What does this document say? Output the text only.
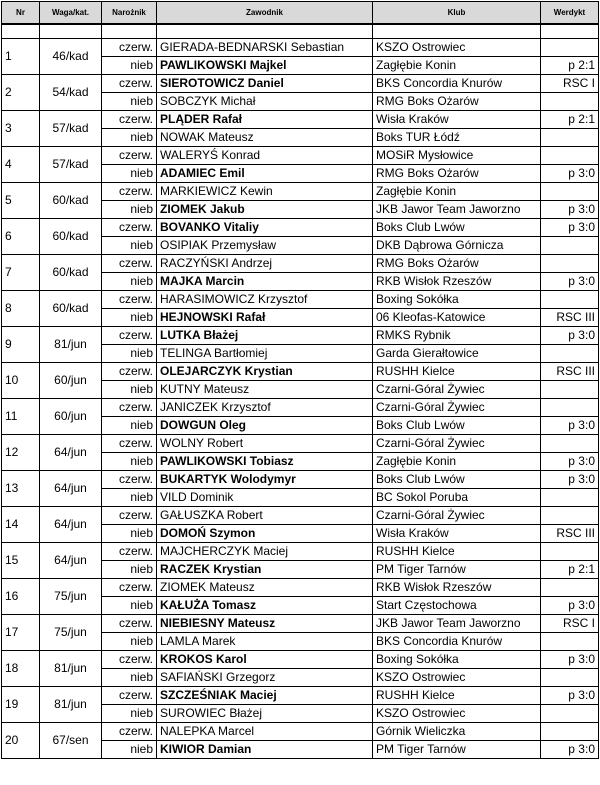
Nr	Waga/kat.	Narożnik	Zawodnik	Klub	Werdykt

1	46/kad	czerw.	GIERADA-BEDNARSKI Sebastian	KSZO Ostrowiec	
		nieb	PAWLIKOWSKI Majkel	Zagłębie Konin	p 2:1
2	54/kad	czerw.	SIEROTOWICZ Daniel	BKS Concordia Knurów	RSC I
		nieb	SOBCZYK Michał	RMG Boks Ożarów	
3	57/kad	czerw.	PLĄDER Rafał	Wisła Kraków	p 2:1
		nieb	NOWAK Mateusz	Boks TUR Łódź	
4	57/kad	czerw.	WALERYŚ Konrad	MOSiR Mysłowice	
		nieb	ADAMIEC Emil	RMG Boks Ożarów	p 3:0
5	60/kad	czerw.	MARKIEWICZ Kewin	Zagłębie Konin	
		nieb	ZIOMEK Jakub	JKB Jawor Team Jaworzno	p 3:0
6	60/kad	czerw.	BOVANKO Vitaliy	Boks Club Lwów	p 3:0
		nieb	OSIPIAK Przemysław	DKB Dąbrowa Górnicza	
7	60/kad	czerw.	RACZYŃSKI Andrzej	RMG Boks Ożarów	
		nieb	MAJKA Marcin	RKB Wisłok Rzeszów	p 3:0
8	60/kad	czerw.	HARASIMOWICZ Krzysztof	Boxing Sokółka	
		nieb	HEJNOWSKI Rafał	06 Kleofas-Katowice	RSC III
9	81/jun	czerw.	LUTKA Błażej	RMKS Rybnik	p 3:0
		nieb	TELINGA Bartłomiej	Garda Gierałtowice	
10	60/jun	czerw.	OLEJARCZYK Krystian	RUSHH Kielce	RSC III
		nieb	KUTNY Mateusz	Czarni-Góral Żywiec	
11	60/jun	czerw.	JANICZEK Krzysztof	Czarni-Góral Żywiec	
		nieb	DOWGUN Oleg	Boks Club Lwów	p 3:0
12	64/jun	czerw.	WOLNY Robert	Czarni-Góral Żywiec	
		nieb	PAWLIKOWSKI Tobiasz	Zagłębie Konin	p 3:0
13	64/jun	czerw.	BUKARTYK Wolodymyr	Boks Club Lwów	p 3:0
		nieb	VILD Dominik	BC Sokol Poruba	
14	64/jun	czerw.	GAŁUSZKA Robert	Czarni-Góral Żywiec	
		nieb	DOMOŃ Szymon	Wisła Kraków	RSC III
15	64/jun	czerw.	MAJCHERCZYK Maciej	RUSHH Kielce	
		nieb	RACZEK Krystian	PM Tiger Tarnów	p 2:1
16	75/jun	czerw.	ZIOMEK Mateusz	RKB Wisłok Rzeszów	
		nieb	KAŁUŻA Tomasz	Start Częstochowa	p 3:0
17	75/jun	czerw.	NIEBIESNY Mateusz	JKB Jawor Team Jaworzno	RSC I
		nieb	LAMLA Marek	BKS Concordia Knurów	
18	81/jun	czerw.	KROKOS Karol	Boxing Sokółka	p 3:0
		nieb	SAFIAŃSKI Grzegorz	KSZO Ostrowiec	
19	81/jun	czerw.	SZCZEŚNIAK Maciej	RUSHH Kielce	p 3:0
		nieb	SUROWIEC Błażej	KSZO Ostrowiec	
20	67/sen	czerw.	NALEPKA Marcel	Górnik Wieliczka	
		nieb	KIWIOR Damian	PM Tiger Tarnów	p 3:0
